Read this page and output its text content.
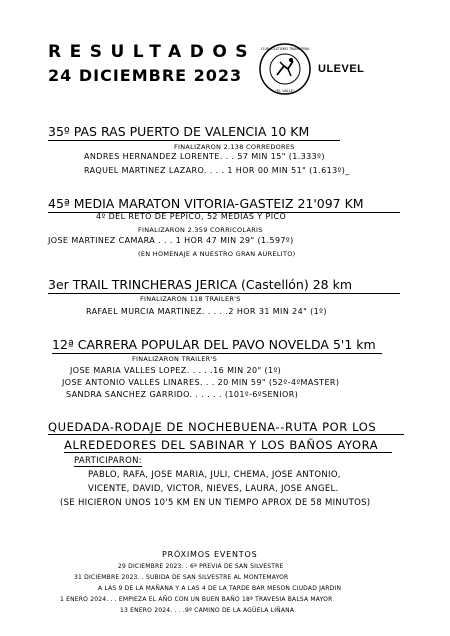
RESULTADOS
24 DICIEMBRE 2023
CLUB ATLETISMO TRANSIERRA
"EL VALLE"
ULEVEL
35º PAS RAS PUERTO DE VALENCIA 10 KM
FINALIZARON 2.138 CORREDORES
ANDRES HERNANDEZ LORENTE. . . 57 MIN 15" (1.333º)
RAQUEL MARTINEZ LAZARO. . . . 1 HOR 00 MIN 51" (1.613º)_
45ª MEDIA MARATON VITORIA-GASTEIZ 21'097 KM
4º DEL RETO DE PEPICO, 52 MEDIAS Y PICO
FINALIZARON 2.359 CORRICOLARIS
JOSE MARTINEZ CAMARA . . . 1 HOR 47 MIN 29" (1.597º)
(EN HOMENAJE A NUESTRO GRAN AURELITO)
3er TRAIL TRINCHERAS JERICA (Castellón) 28 km
FINALIZARON 118 TRAILER'S
RAFAEL MURCIA MARTINEZ. . . . .2 HOR 31 MIN 24" (1º)
12ª CARRERA POPULAR DEL PAVO NOVELDA 5'1 km
FINALIZARON TRAILER'S
JOSE MARIA VALLES LOPEZ. . . . .16 MIN 20" (1º)
JOSE ANTONIO VALLES LINARES. . . 20 MIN 59" (52º-4ºMASTER)
SANDRA SANCHEZ GARRIDO. . . . . . (101º-6ºSENIOR)
QUEDADA-RODAJE DE NOCHEBUENA--RUTA POR LOS
ALREDEDORES DEL SABINAR Y LOS BAÑOS AYORA
PARTICIPARON:
PABLO, RAFA, JOSE MARIA, JULI, CHEMA, JOSE ANTONIO,
VICENTE, DAVID, VICTOR, NIEVES, LAURA, JOSE ANGEL.
(SE HICIERON UNOS 10'5 KM EN UN TIEMPO APROX DE 58 MINUTOS)
PRÓXIMOS EVENTOS
29 DICIEMBRE 2023. . 6ª PREVIA DE SAN SILVESTRE
31 DICIEMBRE 2023. . SUBIDA DE SAN SILVESTRE AL MONTEMAYOR
A LAS 9 DE LA MAÑANA Y A LAS 4 DE LA TARDE BAR MESON CIUDAD JARDIN
1 ENERO 2024. . . EMPIEZA EL AÑO CON UN BUEN BAÑO 18ª TRAVESIA BALSA MAYOR
13 ENERO 2024. . . .9º CAMINO DE LA AGÜELA LIÑANA
